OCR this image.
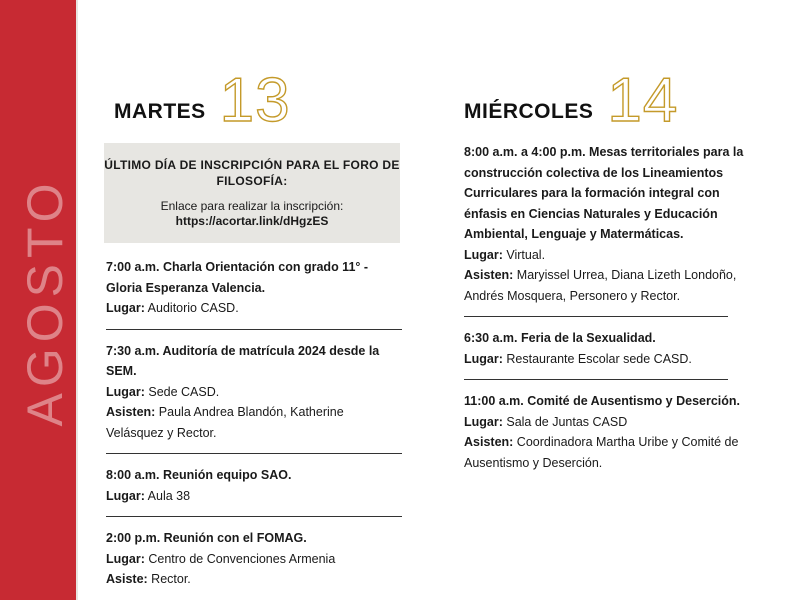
AGOSTO
MARTES 13	MIÉRCOLES 14
ÚLTIMO DÍA DE INSCRIPCIÓN PARA EL FORO DE FILOSOFÍA:
Enlace para realizar la inscripción:
https://acortar.link/dHgzES

7:00 a.m. Charla Orientación con grado 11° - Gloria Esperanza Valencia.

Lugar: Auditorio CASD.

7:30 a.m. Auditoría de matrícula 2024 desde la SEM.

Lugar: Sede CASD.

Asisten: Paula Andrea Blandón, Katherine Velásquez y Rector.

8:00 a.m. Reunión equipo SAO.

Lugar: Aula 38

2:00 p.m. Reunión con el FOMAG.

Lugar: Centro de Convenciones Armenia

Asiste: Rector.

8:00 a.m. a 4:00 p.m. Mesas territoriales para la construcción colectiva de los Lineamientos Curriculares para la formación integral con énfasis en Ciencias Naturales y Educación Ambiental, Lenguaje y Matermáticas.

Lugar: Virtual.

Asisten: Maryissel Urrea, Diana Lizeth Londoño, Andrés Mosquera, Personero y Rector.

6:30 a.m. Feria de la Sexualidad.

Lugar: Restaurante Escolar sede CASD.

11:00 a.m. Comité de Ausentismo y Deserción.

Lugar: Sala de Juntas CASD

Asisten: Coordinadora Martha Uribe y Comité de Ausentismo y Deserción.
